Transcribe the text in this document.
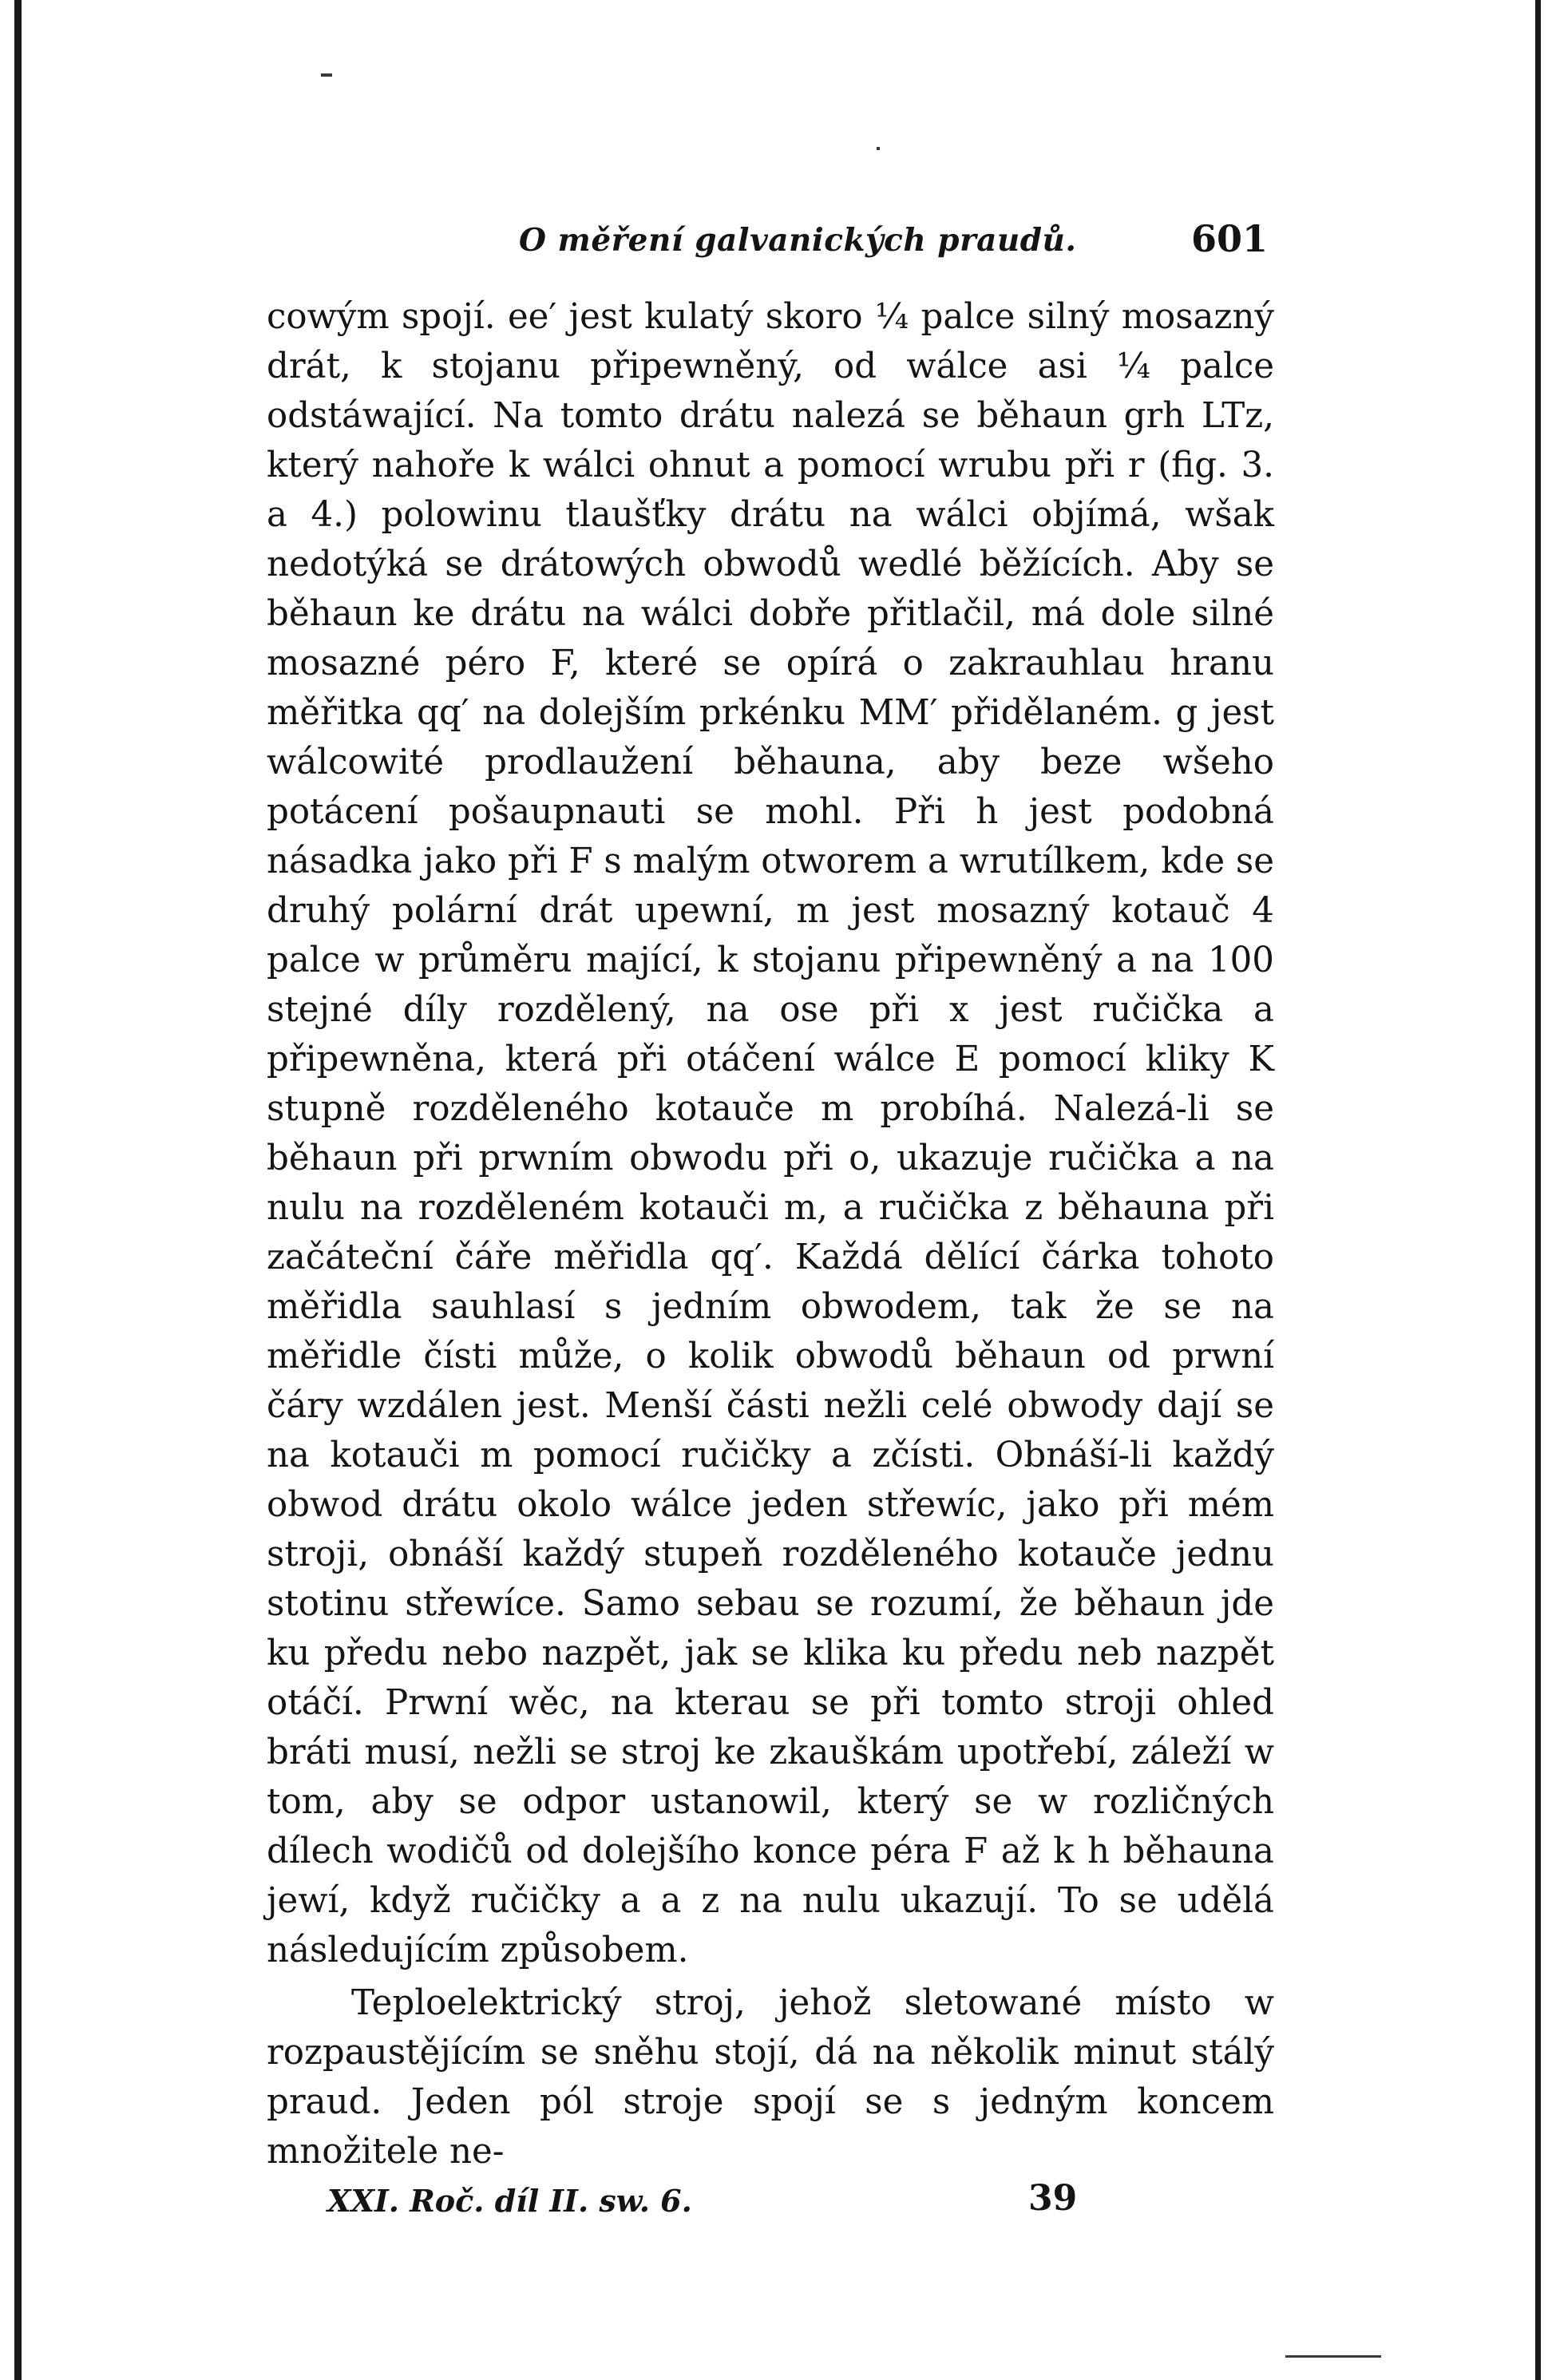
O měření galvanických praudů.	601

cowým spojí. ee′ jest kulatý skoro ¼ palce silný mosazný drát, k stojanu připewněný, od wálce asi ¼ palce odstáwající. Na tomto drátu nalezá se běhaun grh LTz, který nahoře k wálci ohnut a pomocí wrubu při r (fig. 3. a 4.) polowinu tlaušťky drátu na wálci objímá, wšak nedotýká se drátowých obwodů wedlé běžících. Aby se běhaun ke drátu na wálci dobře přitlačil, má dole silné mosazné péro F, které se opírá o zakrauhlau hranu měřitka qq′ na dolejším prkénku MM′ přidělaném. g jest wálcowité prodlaužení běhauna, aby beze wšeho potácení pošaupnauti se mohl. Při h jest podobná násadka jako při F s malým otworem a wrutílkem, kde se druhý polární drát upewní, m jest mosazný kotauč 4 palce w průměru mající, k stojanu připewněný a na 100 stejné díly rozdělený, na ose při x jest ručička a připewněna, která při otáčení wálce E pomocí kliky K stupně rozděleného kotauče m probíhá. Nalezá-li se běhaun při prwním obwodu při o, ukazuje ručička a na nulu na rozděleném kotauči m, a ručička z běhauna při začáteční čáře měřidla qq′. Každá dělící čárka tohoto měřidla sauhlasí s jedním obwodem, tak že se na měřidle čísti může, o kolik obwodů běhaun od prwní čáry wzdálen jest. Menší části nežli celé obwody dají se na kotauči m pomocí ručičky a zčísti. Obnáší-li každý obwod drátu okolo wálce jeden střewíc, jako při mém stroji, obnáší každý stupeň rozděleného kotauče jednu stotinu střewíce. Samo sebau se rozumí, že běhaun jde ku předu nebo nazpět, jak se klika ku předu neb nazpět otáčí. Prwní wěc, na kterau se při tomto stroji ohled bráti musí, nežli se stroj ke zkauškám upotřebí, záleží w tom, aby se odpor ustanowil, který se w rozličných dílech wodičů od dolejšího konce péra F až k h běhauna jewí, když ručičky a a z na nulu ukazují. To se udělá následujícím způsobem.

Teploelektrický stroj, jehož sletowané místo w rozpaustějícím se sněhu stojí, dá na několik minut stálý praud. Jeden pól stroje spojí se s jedným koncem množitele ne-

XXI. Roč. díl II. sw. 6.	39
